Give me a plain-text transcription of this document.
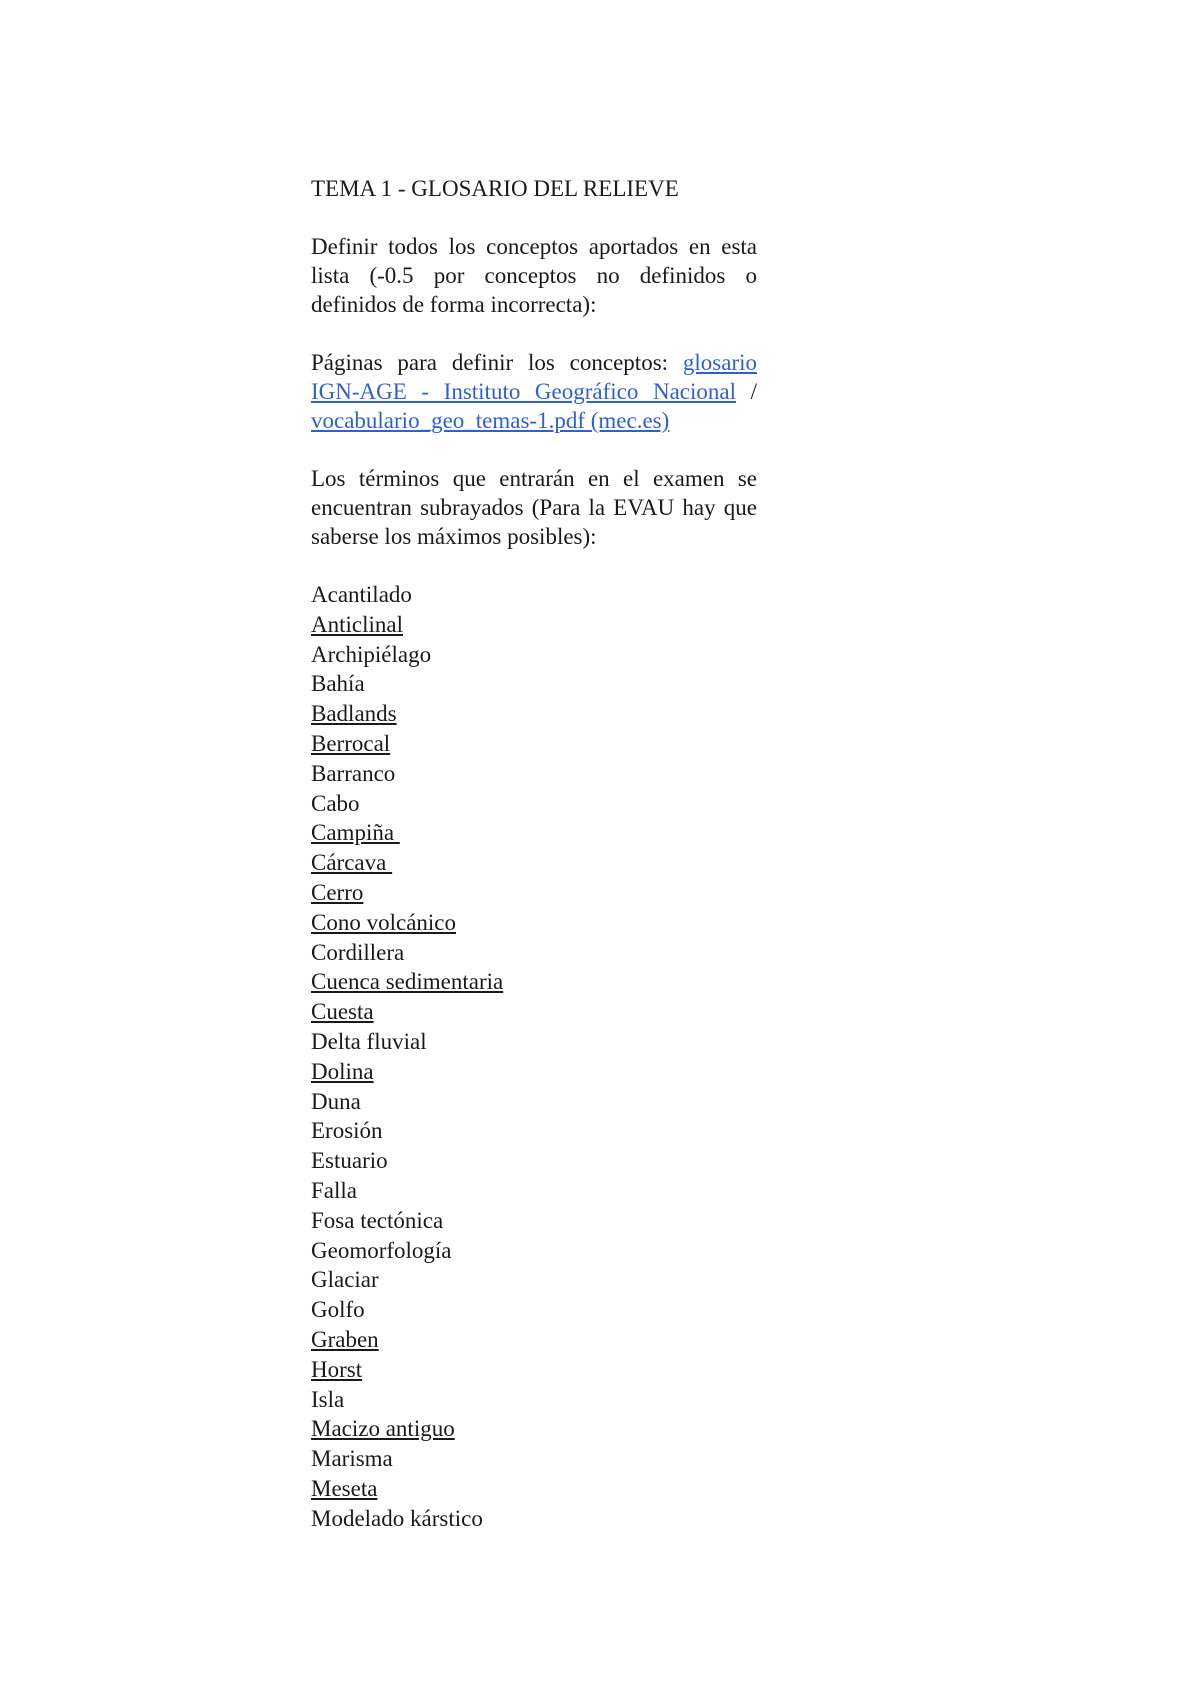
TEMA 1 - GLOSARIO DEL RELIEVE

Definir todos los conceptos aportados en esta lista (-0.5 por conceptos no definidos o definidos de forma incorrecta):

Páginas para definir los conceptos: glosario IGN-AGE - Instituto Geográfico Nacional / vocabulario_geo_temas-1.pdf (mec.es)

Los términos que entrarán en el examen se encuentran subrayados (Para la EVAU hay que saberse los máximos posibles):

Acantilado
Anticlinal
Archipiélago
Bahía
Badlands
Berrocal
Barranco
Cabo
Campiña
Cárcava
Cerro
Cono volcánico
Cordillera
Cuenca sedimentaria
Cuesta
Delta fluvial
Dolina
Duna
Erosión
Estuario
Falla
Fosa tectónica
Geomorfología
Glaciar
Golfo
Graben
Horst
Isla
Macizo antiguo
Marisma
Meseta
Modelado kárstico
